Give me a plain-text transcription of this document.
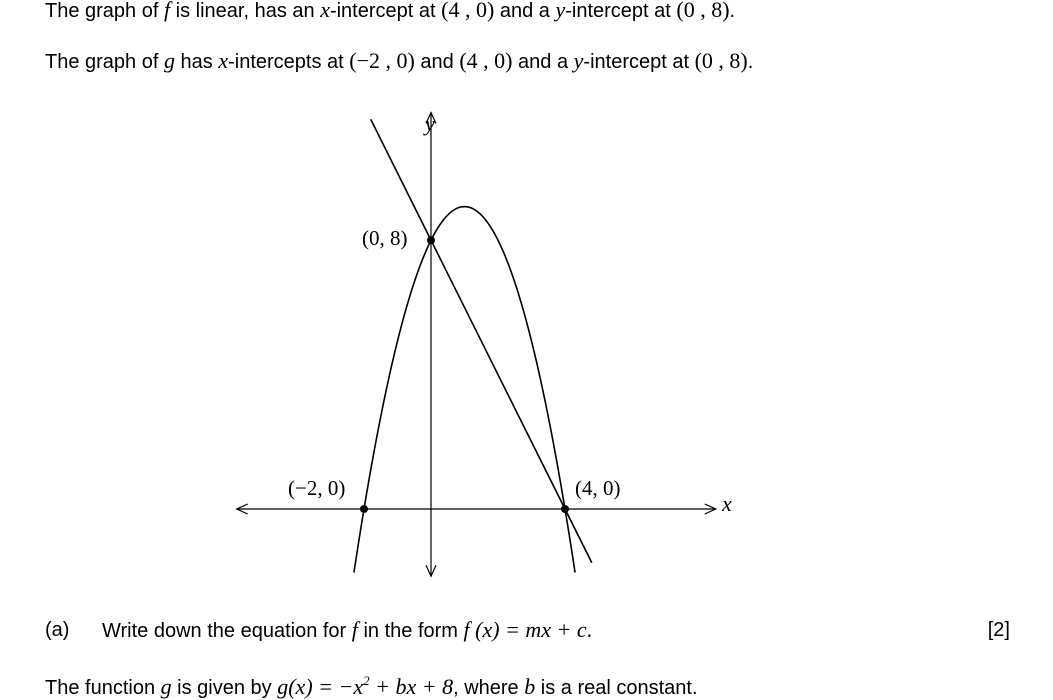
The graph of f is linear, has an x-intercept at (4 , 0) and a y-intercept at (0 , 8).
The graph of g has x-intercepts at (−2 , 0) and (4 , 0) and a y-intercept at (0 , 8).
x
y
(0, 8)
(−2, 0)	(4, 0)
(a) Write down the equation for f in the form f (x) = mx + c.	[2]
The function g is given by $g(x) = -x^2$ + bx + 8, where b is a real constant.
